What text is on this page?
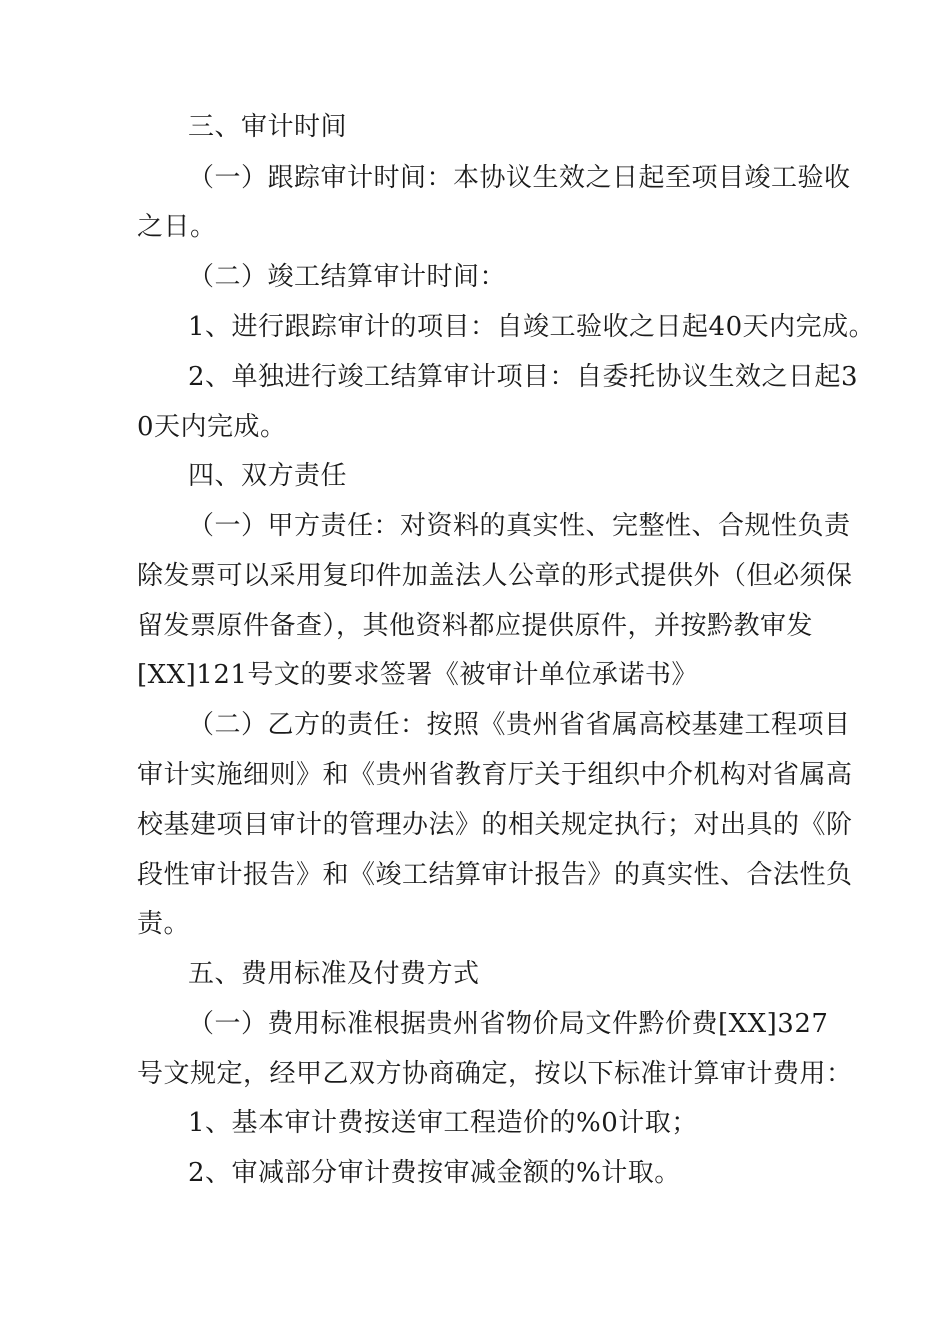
三、审计时间
（一）跟踪审计时间：本协议生效之日起至项目竣工验收
之日。
（二）竣工结算审计时间：
1、进行跟踪审计的项目：自竣工验收之日起40天内完成。
2、单独进行竣工结算审计项目：自委托协议生效之日起3
0天内完成。
四、双方责任
（一）甲方责任：对资料的真实性、完整性、合规性负责
除发票可以采用复印件加盖法人公章的形式提供外（但必须保
留发票原件备查），其他资料都应提供原件，并按黔教审发
[XX]121号文的要求签署《被审计单位承诺书》
（二）乙方的责任：按照《贵州省省属高校基建工程项目
审计实施细则》和《贵州省教育厅关于组织中介机构对省属高
校基建项目审计的管理办法》的相关规定执行；对出具的《阶
段性审计报告》和《竣工结算审计报告》的真实性、合法性负
责。
五、费用标准及付费方式
（一）费用标准根据贵州省物价局文件黔价费[XX]327
号文规定，经甲乙双方协商确定，按以下标准计算审计费用：
1、基本审计费按送审工程造价的%0计取；
2、审减部分审计费按审减金额的%计取。
